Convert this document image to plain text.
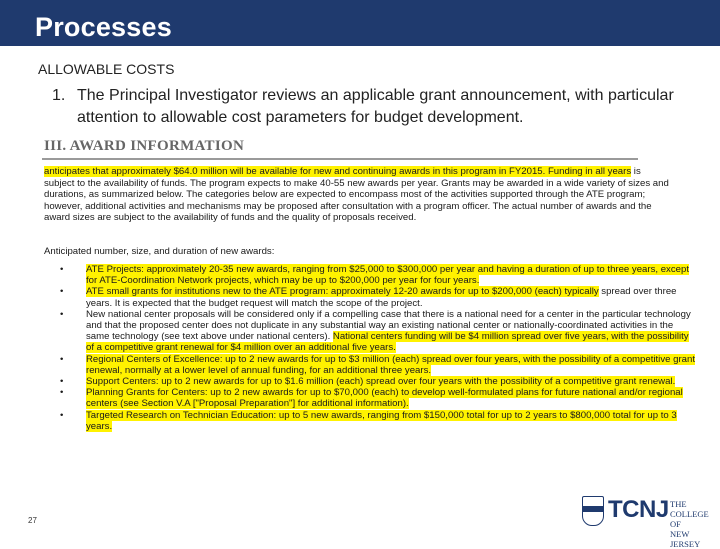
Processes
ALLOWABLE COSTS
1. The Principal Investigator reviews an applicable grant announcement, with particular attention to allowable cost parameters for budget development.
III. AWARD INFORMATION
anticipates that approximately $64.0 million will be available for new and continuing awards in this program in FY2015. Funding in all years is subject to the availability of funds. The program expects to make 40-55 new awards per year. Grants may be awarded in a wide variety of sizes and durations, as summarized below. The categories below are expected to encompass most of the activities supported through the ATE program; however, additional activities and mechanisms may be proposed after consultation with a program officer. The actual number of awards and the award sizes are subject to the availability of funds and the quality of proposals received.
Anticipated number, size, and duration of new awards:
• ATE Projects: approximately 20-35 new awards, ranging from $25,000 to $300,000 per year and having a duration of up to three years, except for ATE-Coordination Network projects, which may be up to $200,000 per year for four years.
• ATE small grants for institutions new to the ATE program: approximately 12-20 awards for up to $200,000 (each) typically spread over three years. It is expected that the budget request will match the scope of the project.
• New national center proposals will be considered only if a compelling case that there is a national need for a center in the particular technology and that the proposed center does not duplicate in any substantial way an existing national center or nationally-coordinated activities in the same technology (see text above under national centers). National centers funding will be $4 million spread over five years, with the possibility of a competitive grant renewal for $4 million over an additional five years.
• Regional Centers of Excellence: up to 2 new awards for up to $3 million (each) spread over four years, with the possibility of a competitive grant renewal, normally at a lower level of annual funding, for an additional three years.
• Support Centers: up to 2 new awards for up to $1.6 million (each) spread over four years with the possibility of a competitive grant renewal.
• Planning Grants for Centers: up to 2 new awards for up to $70,000 (each) to develop well-formulated plans for future national and/or regional centers (see Section V.A ["Proposal Preparation"] for additional information).
• Targeted Research on Technician Education: up to 5 new awards, ranging from $150,000 total for up to 2 years to $800,000 total for up to 3 years.
27	TCNJ THE COLLEGE OF
NEW JERSEY
